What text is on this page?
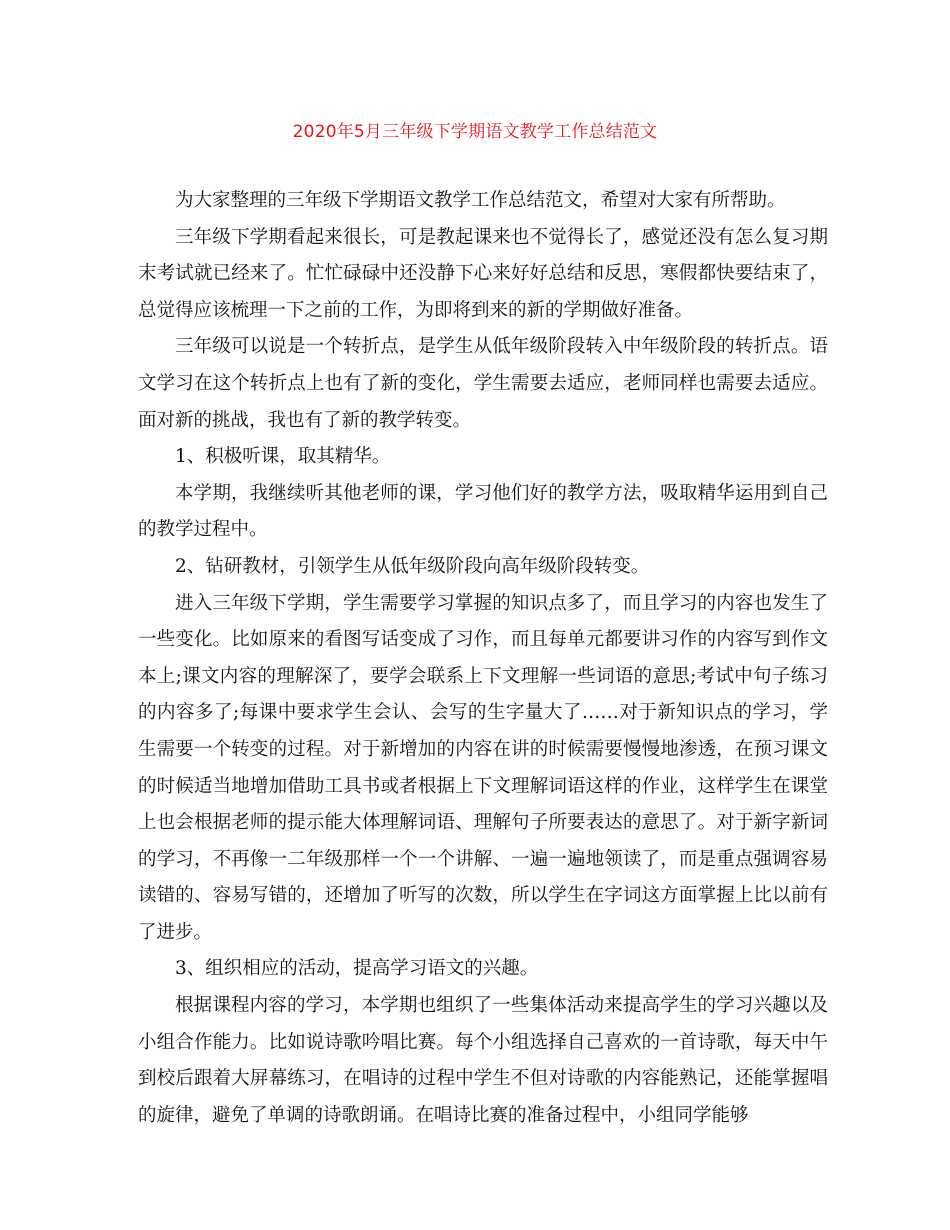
2020年5月三年级下学期语文教学工作总结范文

为大家整理的三年级下学期语文教学工作总结范文，希望对大家有所帮助。

三年级下学期看起来很长，可是教起课来也不觉得长了，感觉还没有怎么复习期末考试就已经来了。忙忙碌碌中还没静下心来好好总结和反思，寒假都快要结束了，总觉得应该梳理一下之前的工作，为即将到来的新的学期做好准备。

三年级可以说是一个转折点，是学生从低年级阶段转入中年级阶段的转折点。语文学习在这个转折点上也有了新的变化，学生需要去适应，老师同样也需要去适应。面对新的挑战，我也有了新的教学转变。

1、积极听课，取其精华。

本学期，我继续听其他老师的课，学习他们好的教学方法，吸取精华运用到自己的教学过程中。

2、钻研教材，引领学生从低年级阶段向高年级阶段转变。

进入三年级下学期，学生需要学习掌握的知识点多了，而且学习的内容也发生了一些变化。比如原来的看图写话变成了习作，而且每单元都要讲习作的内容写到作文本上;课文内容的理解深了，要学会联系上下文理解一些词语的意思;考试中句子练习的内容多了;每课中要求学生会认、会写的生字量大了……对于新知识点的学习，学生需要一个转变的过程。对于新增加的内容在讲的时候需要慢慢地渗透，在预习课文的时候适当地增加借助工具书或者根据上下文理解词语这样的作业，这样学生在课堂上也会根据老师的提示能大体理解词语、理解句子所要表达的意思了。对于新字新词的学习，不再像一二年级那样一个一个讲解、一遍一遍地领读了，而是重点强调容易读错的、容易写错的，还增加了听写的次数，所以学生在字词这方面掌握上比以前有了进步。

3、组织相应的活动，提高学习语文的兴趣。

根据课程内容的学习，本学期也组织了一些集体活动来提高学生的学习兴趣以及小组合作能力。比如说诗歌吟唱比赛。每个小组选择自己喜欢的一首诗歌，每天中午到校后跟着大屏幕练习，在唱诗的过程中学生不但对诗歌的内容能熟记，还能掌握唱的旋律，避免了单调的诗歌朗诵。在唱诗比赛的准备过程中，小组同学能够
